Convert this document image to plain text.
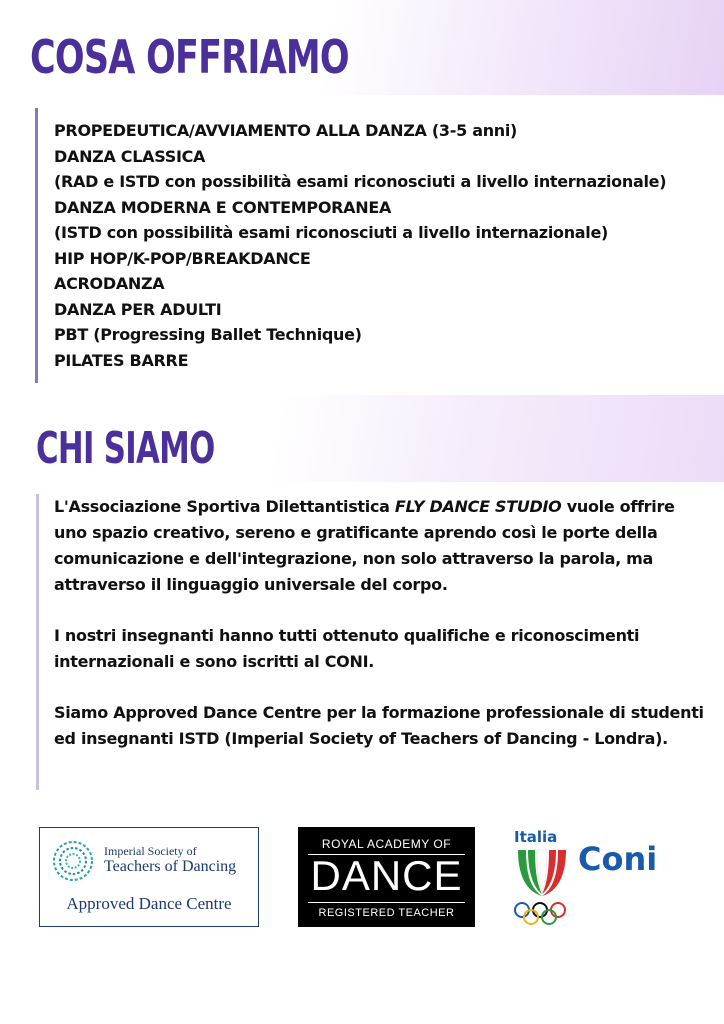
COSA OFFRIAMO
PROPEDEUTICA/AVVIAMENTO ALLA DANZA (3-5 anni)
DANZA CLASSICA
(RAD e ISTD con possibilità esami riconosciuti a livello internazionale)
DANZA MODERNA E CONTEMPORANEA
(ISTD con possibilità esami riconosciuti a livello internazionale)
HIP HOP/K-POP/BREAKDANCE
ACRODANZA
DANZA PER ADULTI
PBT (Progressing Ballet Technique)
PILATES BARRE
CHI SIAMO

L'Associazione Sportiva Dilettantistica FLY DANCE STUDIO vuole offrire uno spazio creativo, sereno e gratificante aprendo così le porte della comunicazione e dell'integrazione, non solo attraverso la parola, ma attraverso il linguaggio universale del corpo.

I nostri insegnanti hanno tutti ottenuto qualifiche e riconoscimenti internazionali e sono iscritti al CONI.

Siamo Approved Dance Centre per la formazione professionale di studenti ed insegnanti ISTD (Imperial Society of Teachers of Dancing - Londra).

Imperial Society of
Teachers of Dancing
Approved Dance Centre
ROYAL ACADEMY OF
DANCE
REGISTERED TEACHER
Italia
Coni
